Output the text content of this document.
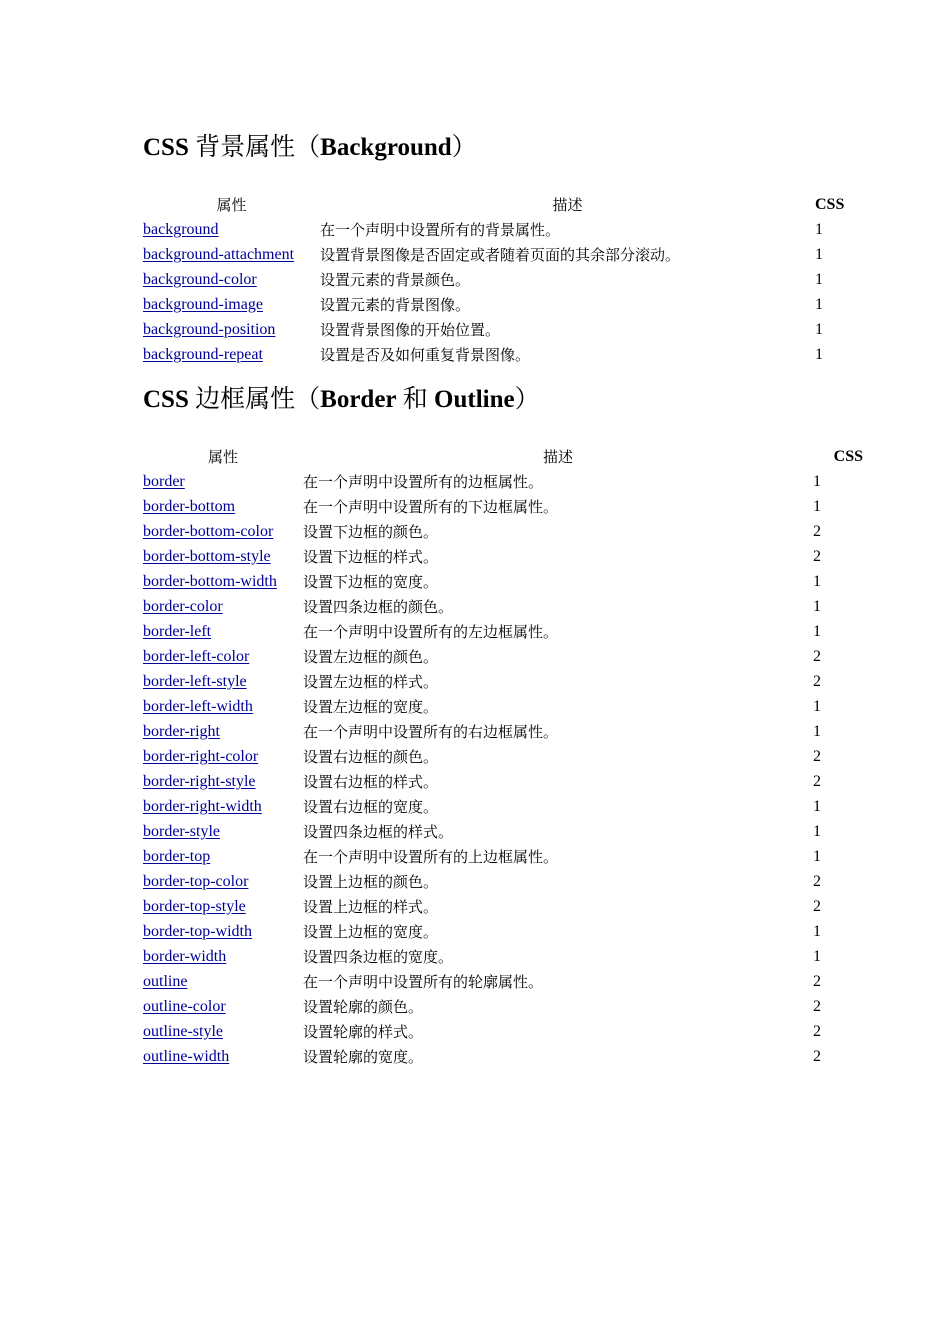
CSS 背景属性（Background）
属性	描述	CSS
background	在一个声明中设置所有的背景属性。	1
background-attachment	设置背景图像是否固定或者随着页面的其余部分滚动。	1
background-color	设置元素的背景颜色。	1
background-image	设置元素的背景图像。	1
background-position	设置背景图像的开始位置。	1
background-repeat	设置是否及如何重复背景图像。	1
CSS 边框属性（Border 和 Outline）
属性	描述	CSS
border	在一个声明中设置所有的边框属性。	1
border-bottom	在一个声明中设置所有的下边框属性。	1
border-bottom-color	设置下边框的颜色。	2
border-bottom-style	设置下边框的样式。	2
border-bottom-width	设置下边框的宽度。	1
border-color	设置四条边框的颜色。	1
border-left	在一个声明中设置所有的左边框属性。	1
border-left-color	设置左边框的颜色。	2
border-left-style	设置左边框的样式。	2
border-left-width	设置左边框的宽度。	1
border-right	在一个声明中设置所有的右边框属性。	1
border-right-color	设置右边框的颜色。	2
border-right-style	设置右边框的样式。	2
border-right-width	设置右边框的宽度。	1
border-style	设置四条边框的样式。	1
border-top	在一个声明中设置所有的上边框属性。	1
border-top-color	设置上边框的颜色。	2
border-top-style	设置上边框的样式。	2
border-top-width	设置上边框的宽度。	1
border-width	设置四条边框的宽度。	1
outline	在一个声明中设置所有的轮廓属性。	2
outline-color	设置轮廓的颜色。	2
outline-style	设置轮廓的样式。	2
outline-width	设置轮廓的宽度。	2
